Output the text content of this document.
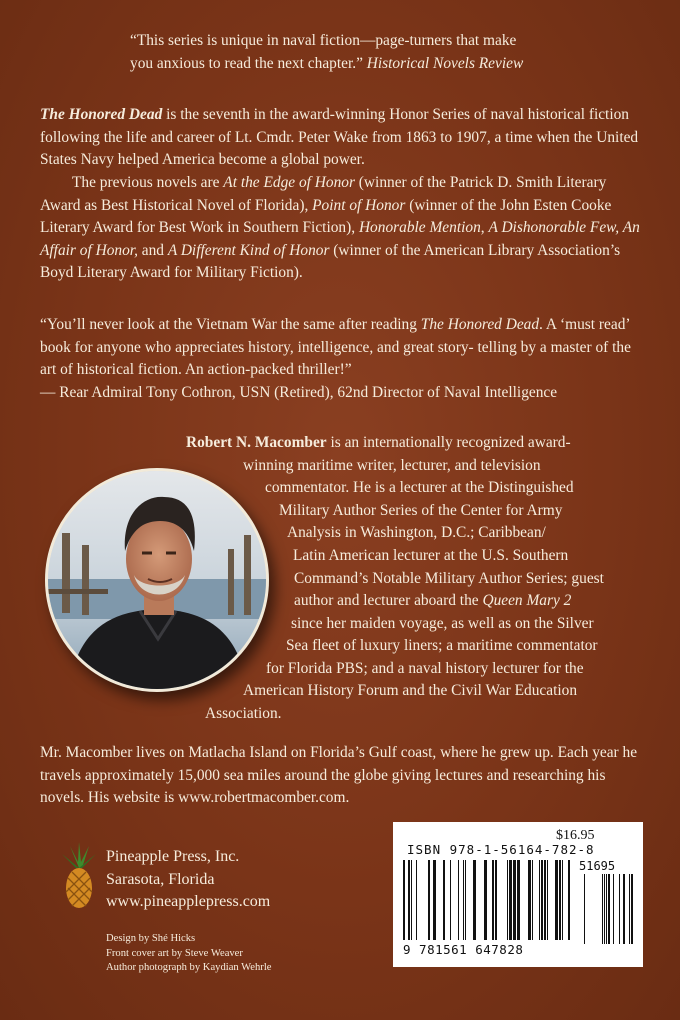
“This series is unique in naval fiction—page-turners that make
you anxious to read the next chapter.” Historical Novels Review
The Honored Dead is the seventh in the award-winning Honor Series of naval historical fiction following the life and career of Lt. Cmdr. Peter Wake from 1863 to 1907, a time when the United States Navy helped America become a global power.
The previous novels are At the Edge of Honor (winner of the Patrick D. Smith Literary Award as Best Historical Novel of Florida), Point of Honor (winner of the John Esten Cooke Literary Award for Best Work in Southern Fiction), Honorable Mention, A Dishonorable Few, An Affair of Honor, and A Different Kind of Honor (winner of the American Library Association’s Boyd Literary Award for Military Fiction).
“You’ll never look at the Vietnam War the same after reading The Honored Dead. A ‘must read’ book for anyone who appreciates history, intelligence, and great story- telling by a master of the art of historical fiction. An action-packed thriller!”
— Rear Admiral Tony Cothron, USN (Retired), 62nd Director of Naval Intelligence
Robert N. Macomber is an internationally recognized award-
winning maritime writer, lecturer, and television
commentator. He is a lecturer at the Distinguished
Military Author Series of the Center for Army
Analysis in Washington, D.C.; Caribbean/
Latin American lecturer at the U.S. Southern
Command’s Notable Military Author Series; guest
author and lecturer aboard the Queen Mary 2
since her maiden voyage, as well as on the Silver
Sea fleet of luxury liners; a maritime commentator
for Florida PBS; and a naval history lecturer for the
American History Forum and the Civil War Education
Association.
Mr. Macomber lives on Matlacha Island on Florida’s Gulf coast, where he grew up. Each year he travels approximately 15,000 sea miles around the globe giving lectures and researching his novels. His website is www.robertmacomber.com.
$16.95
ISBN 978-1-56164-782-8
51695
9 781561 647828
Pineapple Press, Inc.
Sarasota, Florida
www.pineapplepress.com
Design by Shé Hicks
Front cover art by Steve Weaver
Author photograph by Kaydian Wehrle
